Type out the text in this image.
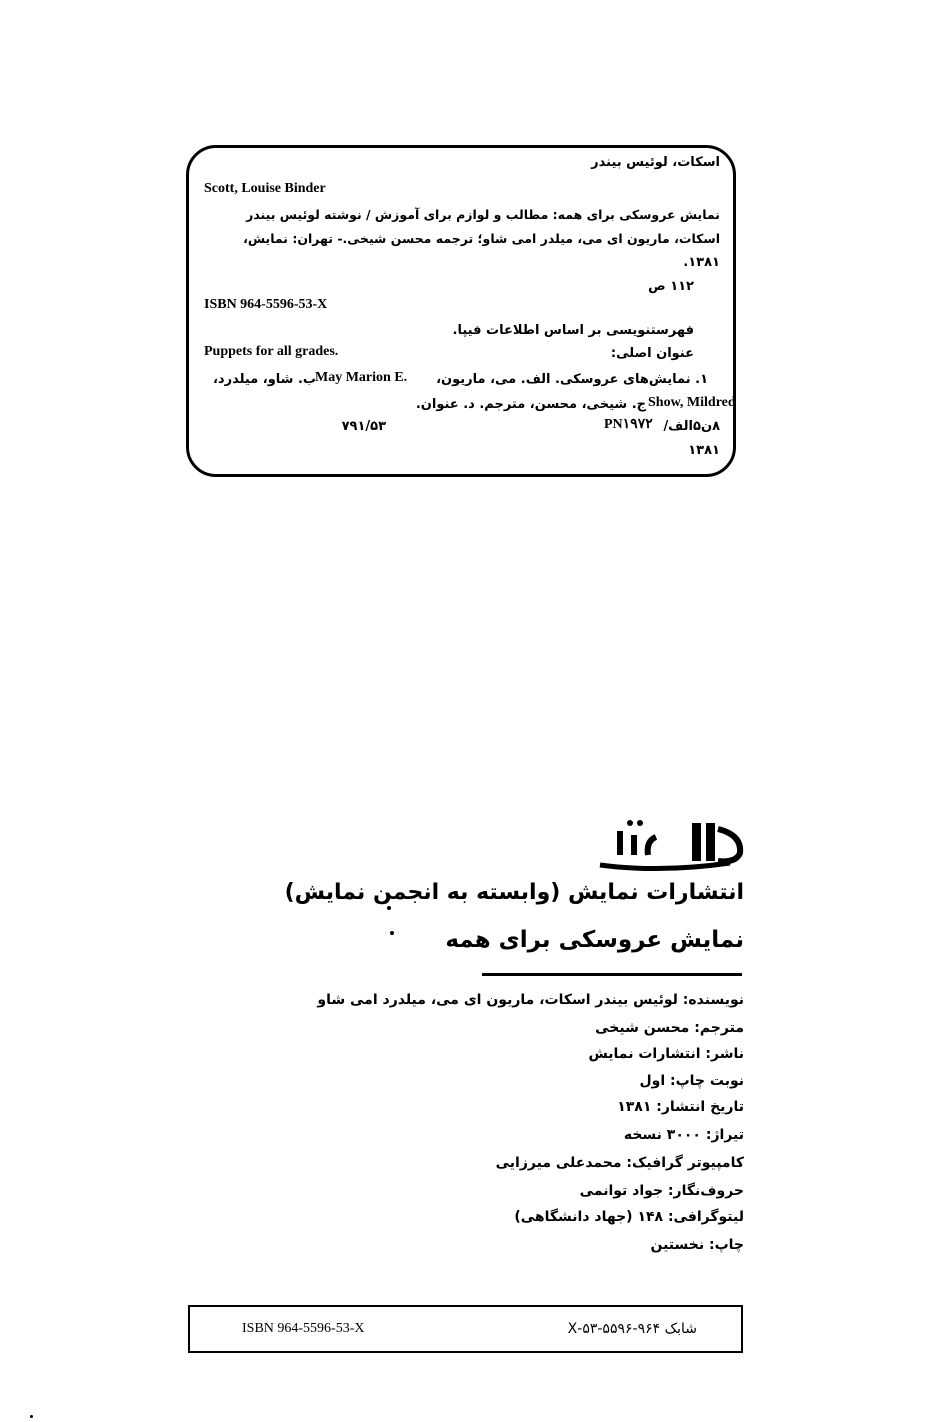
اسکات، لوئیس بیندر
Scott, Louise Binder
نمایش عروسکی برای همه: مطالب و لوازم برای آموزش / نوشته لوئیس بیندر
اسکات، ماریون ای می، میلدر امی شاو؛ ترجمه محسن شیخی.- تهران: نمایش،
۱۳۸۱.
۱۱۲ ص
ISBN 964-5596-53-X
فهرستنویسی بر اساس اطلاعات فیپا.
Puppets for all grades.	عنوان اصلی:
۱. نمایش‌های عروسکی. الف. می، ماریون،
May Marion E.
ب. شاو، میلدرد،
Show, Mildred
ج. شیخی، محسن، مترجم. د. عنوان.
۸ن۵الف/
PN۱۹۷۲
۷۹۱/۵۳
۱۳۸۱
انتشارات نمایش (وابسته به انجمن نمایش)
نمایش عروسکی برای همه
نویسنده: لوئیس بیندر اسکات، ماریون ای می، میلدرد امی شاو
مترجم: محسن شیخی
ناشر: انتشارات نمایش
نوبت چاپ: اول
تاریخ انتشار: ۱۳۸۱
تیراژ: ۳۰۰۰ نسخه
کامپیوتر گرافیک: محمدعلی میرزایی
حروف‌نگار: جواد توانمی
لیتوگرافی: ۱۴۸ (جهاد دانشگاهی)
چاپ: نخستین
ISBN 964-5596-53-X	شابک ۹۶۴-۵۵۹۶-۵۳-X
